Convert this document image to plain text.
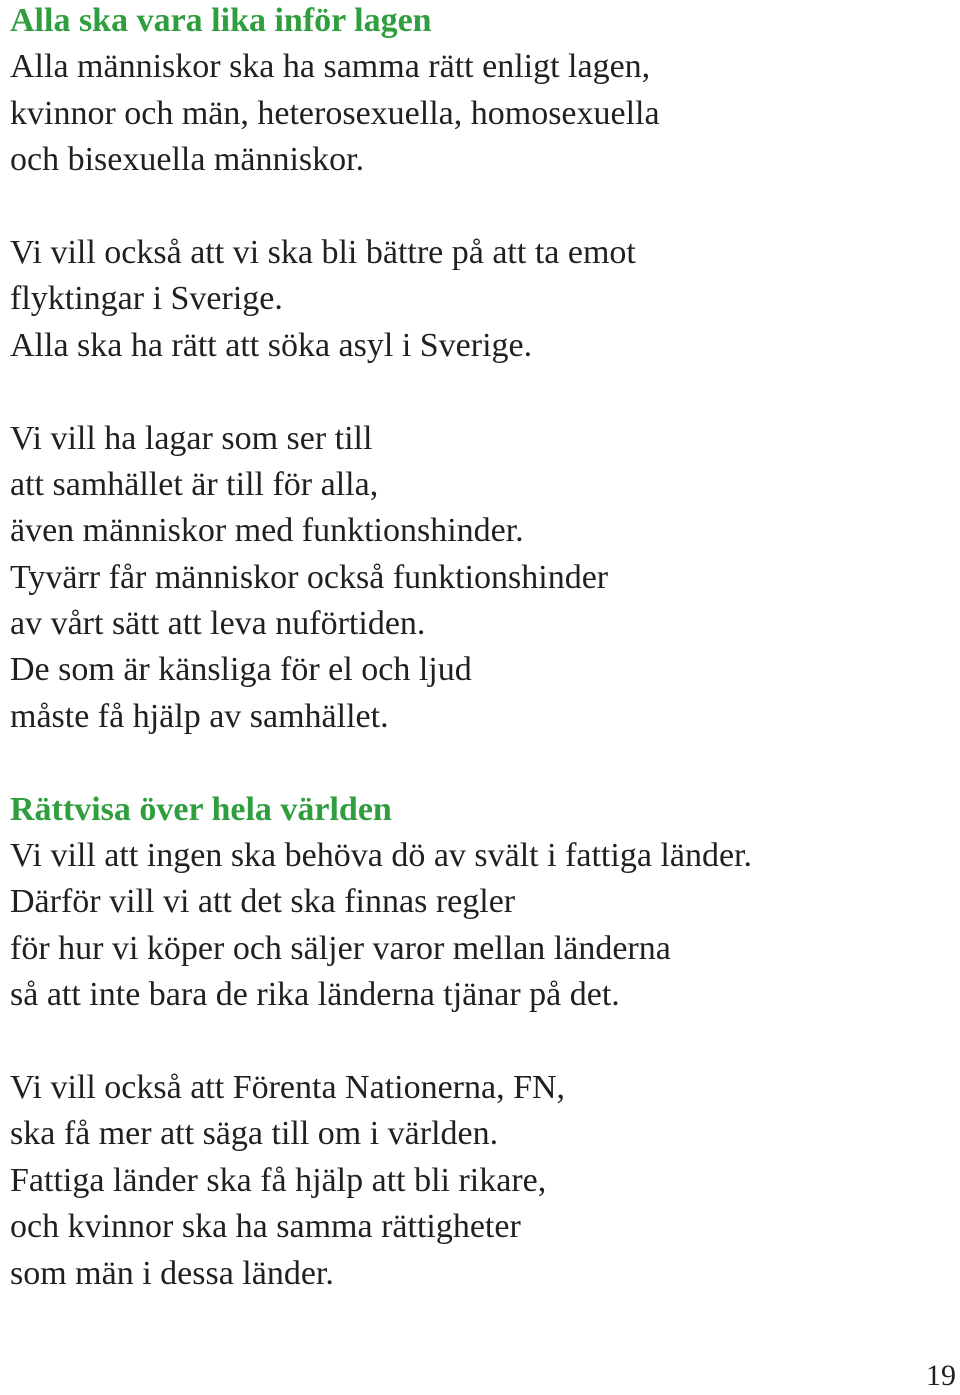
Alla ska vara lika inför lagen
Alla människor ska ha samma rätt enligt lagen,
kvinnor och män, heterosexuella, homosexuella
och bisexuella människor.
Vi vill också att vi ska bli bättre på att ta emot
flyktingar i Sverige.
Alla ska ha rätt att söka asyl i Sverige.
Vi vill ha lagar som ser till
att samhället är till för alla,
även människor med funktionshinder.
Tyvärr får människor också funktionshinder
av vårt sätt att leva nuförtiden.
De som är känsliga för el och ljud
måste få hjälp av samhället.
Rättvisa över hela världen
Vi vill att ingen ska behöva dö av svält i fattiga länder.
Därför vill vi att det ska finnas regler
för hur vi köper och säljer varor mellan länderna
så att inte bara de rika länderna tjänar på det.
Vi vill också att Förenta Nationerna, FN,
ska få mer att säga till om i världen.
Fattiga länder ska få hjälp att bli rikare,
och kvinnor ska ha samma rättigheter
som män i dessa länder.
19
